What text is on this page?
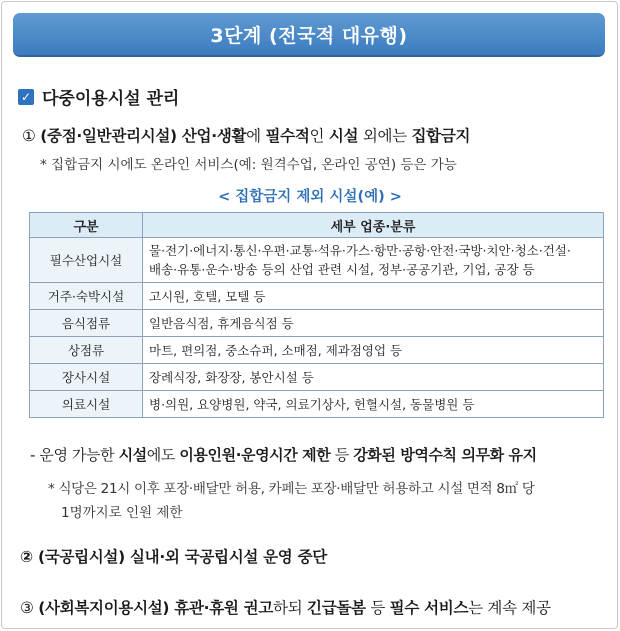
3단계 (전국적 대유행)
✓ 다중이용시설 관리
① (중점·일반관리시설) 산업·생활에 필수적인 시설 외에는 집합금지
* 집합금지 시에도 온라인 서비스(예: 원격수업, 온라인 공연) 등은 가능
< 집합금지 제외 시설(예) >
구분	세부 업종·분류
필수산업시설	물·전기·에너지·통신·우편·교통·석유·가스·항만·공항·안전·국방·치안·청소·건설·
배송·유통·운수·방송 등의 산업 관련 시설, 정부·공공기관, 기업, 공장 등

거주·숙박시설	고시원, 호텔, 모텔 등
음식점류	일반음식점, 휴게음식점 등
상점류	마트, 편의점, 중소슈퍼, 소매점, 제과점영업 등
장사시설	장례식장, 화장장, 봉안시설 등
의료시설	병·의원, 요양병원, 약국, 의료기상사, 헌혈시설, 동물병원 등
- 운영 가능한 시설에도 이용인원·운영시간 제한 등 강화된 방역수칙 의무화 유지
* 식당은 21시 이후 포장·배달만 허용, 카페는 포장·배달만 허용하고 시설 면적 8㎡ 당
1명까지로 인원 제한
② (국공립시설) 실내·외 국공립시설 운영 중단
③ (사회복지이용시설) 휴관·휴원 권고하되 긴급돌봄 등 필수 서비스는 계속 제공
